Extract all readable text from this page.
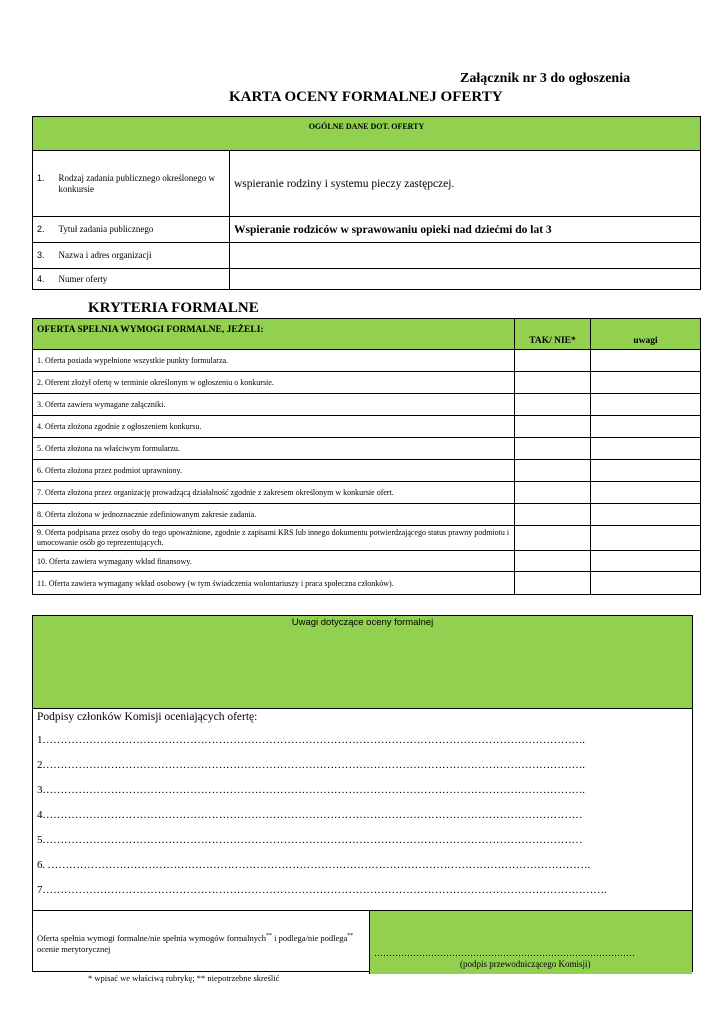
Załącznik nr 3 do ogłoszenia
KARTA OCENY FORMALNEJ OFERTY
OGÓLNE DANE DOT. OFERTY	
1. Rodzaj zadania publicznego określonego w konkursie	wspieranie rodziny i systemu pieczy zastępczej.
2. Tytuł zadania publicznego	Wspieranie rodziców w sprawowaniu opieki nad dziećmi do lat 3
3. Nazwa i adres organizacji	
4. Numer oferty	
KRYTERIA FORMALNE
OFERTA SPEŁNIA WYMOGI FORMALNE, JEŻELI:	TAK/ NIE*	uwagi
1. Oferta posiada wypełnione wszystkie punkty formularza.		
2. Oferent złożył ofertę w terminie określonym w ogłoszeniu o konkursie.		
3. Oferta zawiera wymagane załączniki.		
4. Oferta złożona zgodnie z ogłoszeniem konkursu.		
5. Oferta złożona na właściwym formularzu.		
6. Oferta złożona przez podmiot uprawniony.		
7. Oferta złożona przez organizację prowadzącą działalność zgodnie z zakresem określonym w konkursie ofert.		
8. Oferta złożona w jednoznacznie zdefiniowanym zakresie zadania.		
9. Oferta podpisana przez osoby do tego upoważnione, zgodnie z zapisami KRS lub innego dokumentu potwierdzającego status prawny podmiotu i umocowanie osób go reprezentujących.		
10. Oferta zawiera wymagany wkład finansowy.		
11. Oferta zawiera wymagany wkład osobowy (w tym świadczenia wolontariuszy i praca społeczna członków).		
Uwagi dotyczące oceny formalnej
Podpisy członków Komisji oceniających ofertę:
1…………………………………………………………………………………………………………………………………….
2…………………………………………………………………………………………………………………………………….
3…………………………………………………………………………………………………………………………………….
4……………………………………………………………………………………………………………………………………
5……………………………………………………………………………………………………………………………………
6. …………………………………………………………………………………………………………………………………….
7………………………………………………………………………………………………………………………………………….
Oferta spełnia wymogi formalne/nie spełnia wymogów formalnych** i podlega/nie podlega** ocenie merytorycznej	……………………………………………………………………………
(podpis przewodniczącego Komisji)
* wpisać we właściwą rubrykę; ** niepotrzebne skreślić
